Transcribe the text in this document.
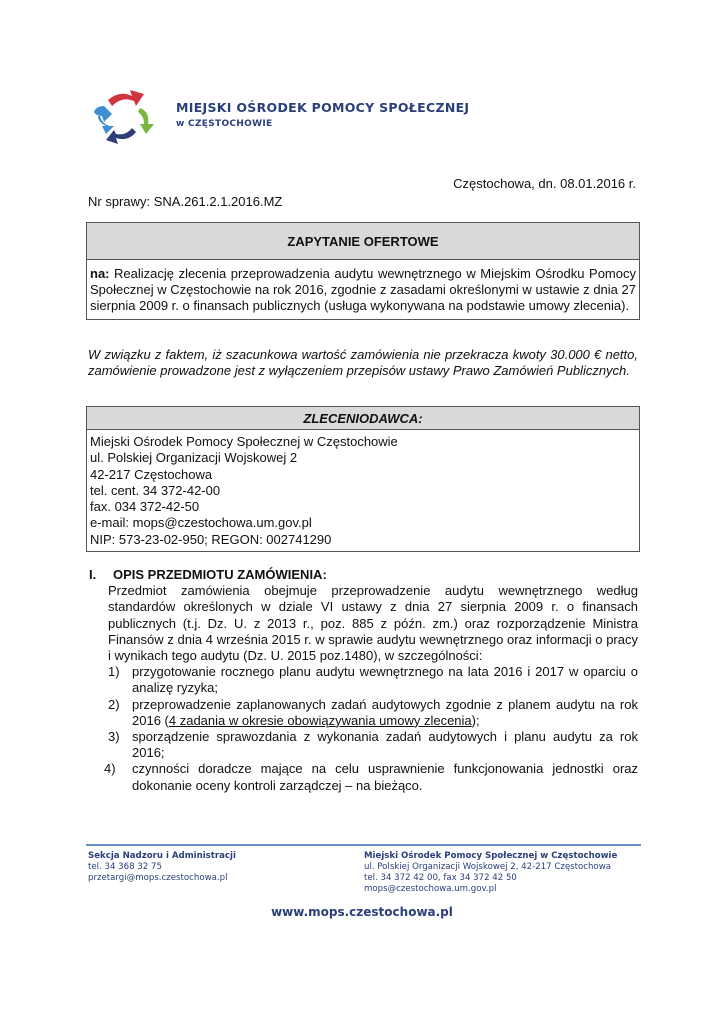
MIEJSKI OŚRODEK POMOCY SPOŁECZNEJ
w CZĘSTOCHOWIE
Częstochowa, dn. 08.01.2016 r.
Nr sprawy: SNA.261.2.1.2016.MZ
ZAPYTANIE OFERTOWE
na: Realizację zlecenia przeprowadzenia audytu wewnętrznego w Miejskim Ośrodku Pomocy Społecznej w Częstochowie na rok 2016, zgodnie z zasadami określonymi w ustawie z dnia 27 sierpnia 2009 r. o finansach publicznych (usługa wykonywana na podstawie umowy zlecenia).
W związku z faktem, iż szacunkowa wartość zamówienia nie przekracza kwoty 30.000 € netto, zamówienie prowadzone jest z wyłączeniem przepisów ustawy Prawo Zamówień Publicznych.
ZLECENIODAWCA:
Miejski Ośrodek Pomocy Społecznej w Częstochowie
ul. Polskiej Organizacji Wojskowej 2
42-217 Częstochowa
tel. cent. 34 372-42-00
fax. 034 372-42-50
e-mail: mops@czestochowa.um.gov.pl
NIP: 573-23-02-950; REGON: 002741290
I. OPIS PRZEDMIOTU ZAMÓWIENIA:
Przedmiot zamówienia obejmuje przeprowadzenie audytu wewnętrznego według standardów określonych w dziale VI ustawy z dnia 27 sierpnia 2009 r. o finansach publicznych (t.j. Dz. U. z 2013 r., poz. 885 z późn. zm.) oraz rozporządzenie Ministra Finansów z dnia 4 września 2015 r. w sprawie audytu wewnętrznego oraz informacji o pracy i wynikach tego audytu (Dz. U. 2015 poz.1480), w szczególności:
1) przygotowanie rocznego planu audytu wewnętrznego na lata 2016 i 2017 w oparciu o analizę ryzyka;
2) przeprowadzenie zaplanowanych zadań audytowych zgodnie z planem audytu na rok 2016 (4 zadania w okresie obowiązywania umowy zlecenia);
3) sporządzenie sprawozdania z wykonania zadań audytowych i planu audytu za rok 2016;
4)	czynności doradcze mające na celu usprawnienie funkcjonowania jednostki oraz dokonanie oceny kontroli zarządczej – na bieżąco.
Sekcja Nadzoru i Administracji
tel. 34 368 32 75
przetargi@mops.czestochowa.pl
Miejski Ośrodek Pomocy Społecznej w Częstochowie
ul. Polskiej Organizacji Wojskowej 2, 42-217 Częstochowa
tel. 34 372 42 00, fax 34 372 42 50
mops@czestochowa.um.gov.pl
www.mops.czestochowa.pl
